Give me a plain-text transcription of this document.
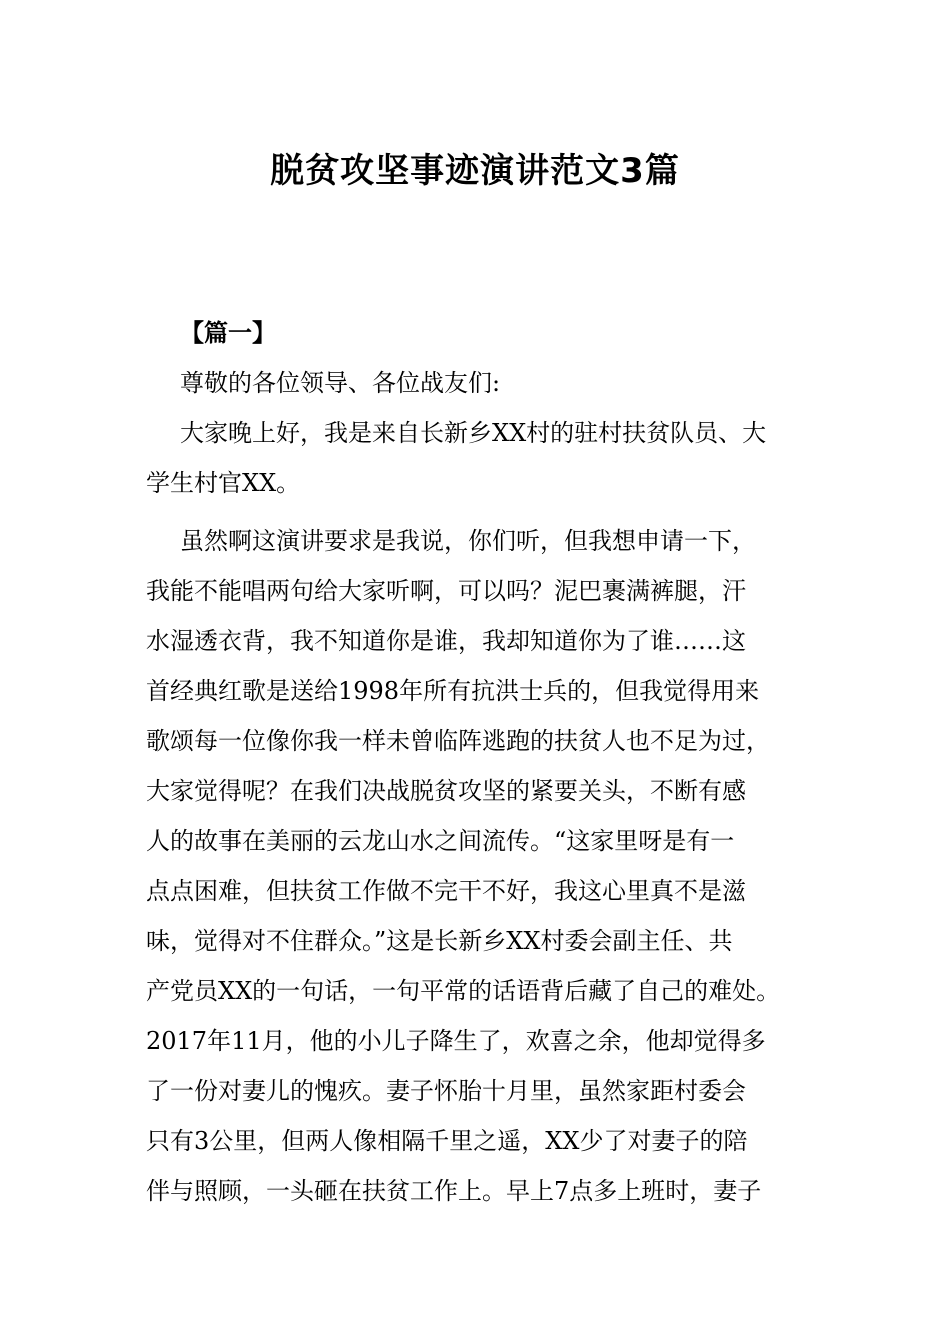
脱贫攻坚事迹演讲范文3篇
【篇一】
尊敬的各位领导、各位战友们:
大家晚上好，我是来自长新乡XX村的驻村扶贫队员、大
学生村官XX。
虽然啊这演讲要求是我说，你们听，但我想申请一下，
我能不能唱两句给大家听啊，可以吗？泥巴裹满裤腿，汗
水湿透衣背，我不知道你是谁，我却知道你为了谁……这
首经典红歌是送给1998年所有抗洪士兵的，但我觉得用来
歌颂每一位像你我一样未曾临阵逃跑的扶贫人也不足为过，
大家觉得呢？在我们决战脱贫攻坚的紧要关头，不断有感
人的故事在美丽的云龙山水之间流传。“这家里呀是有一
点点困难，但扶贫工作做不完干不好，我这心里真不是滋
味，觉得对不住群众。”这是长新乡XX村委会副主任、共
产党员XX的一句话，一句平常的话语背后藏了自己的难处。
2017年11月，他的小儿子降生了，欢喜之余，他却觉得多
了一份对妻儿的愧疚。妻子怀胎十月里，虽然家距村委会
只有3公里，但两人像相隔千里之遥，XX少了对妻子的陪
伴与照顾，一头砸在扶贫工作上。早上7点多上班时，妻子
